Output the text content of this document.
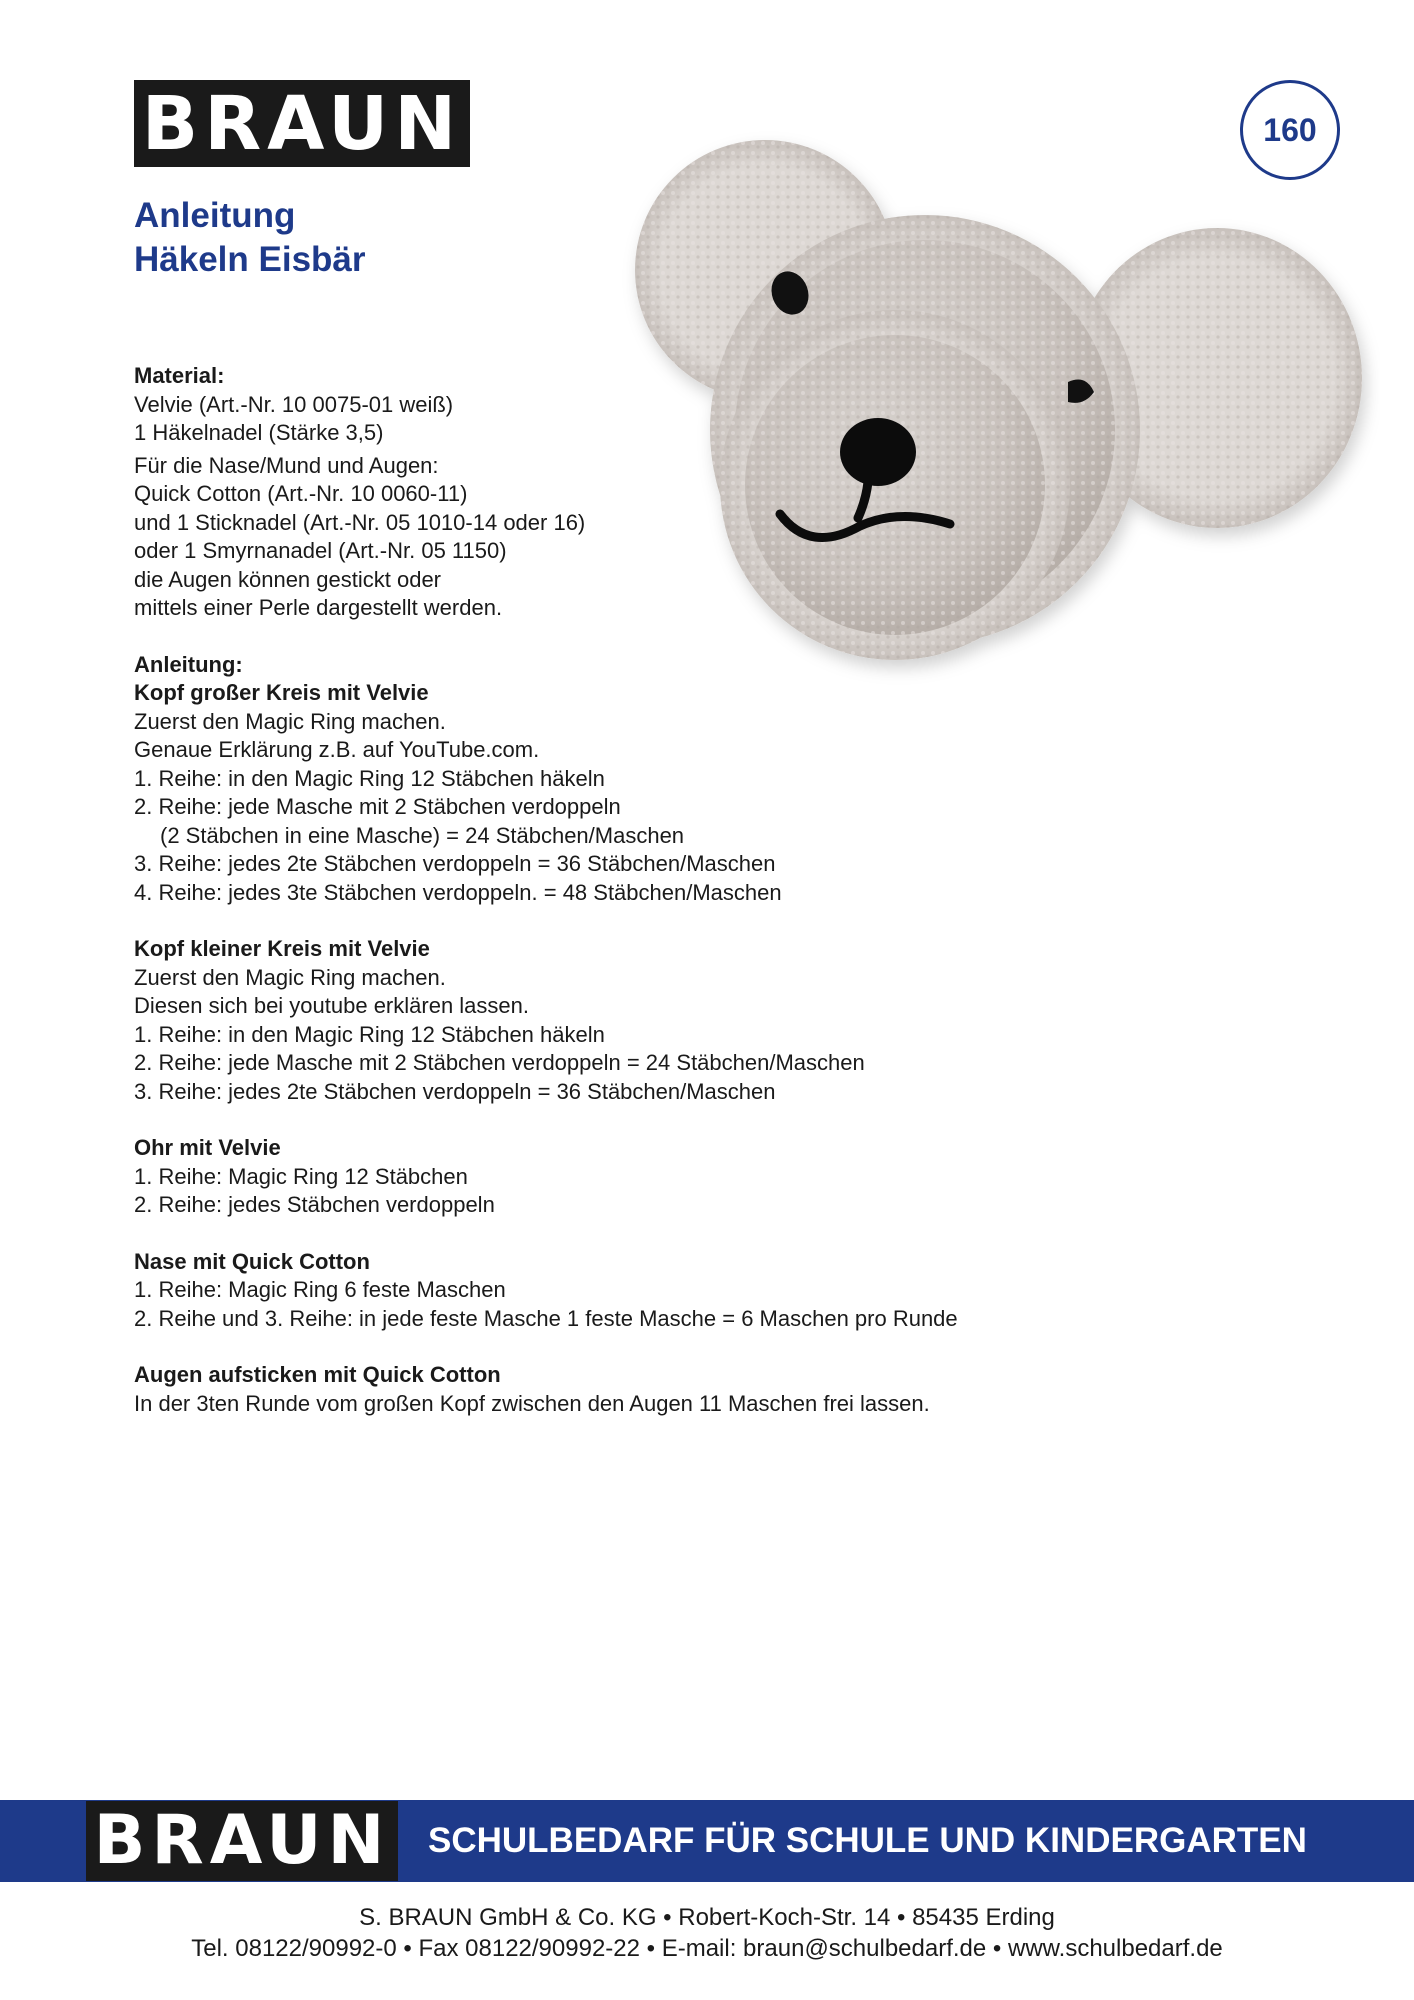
BRAUN	160
Anleitung
Häkeln Eisbär
Material:
Velvie (Art.-Nr. 10 0075-01 weiß)
1 Häkelnadel (Stärke 3,5)
Für die Nase/Mund und Augen:
Quick Cotton (Art.-Nr. 10 0060-11)
und 1 Sticknadel (Art.-Nr. 05 1010-14 oder 16)
oder 1 Smyrnanadel (Art.-Nr. 05 1150)
die Augen können gestickt oder
mittels einer Perle dargestellt werden.
Anleitung:
Kopf großer Kreis mit Velvie
Zuerst den Magic Ring machen.
Genaue Erklärung z.B. auf YouTube.com.
1. Reihe: in den Magic Ring 12 Stäbchen häkeln
2. Reihe: jede Masche mit 2 Stäbchen verdoppeln
(2 Stäbchen in eine Masche) = 24 Stäbchen/Maschen
3. Reihe: jedes 2te Stäbchen verdoppeln = 36 Stäbchen/Maschen
4. Reihe: jedes 3te Stäbchen verdoppeln. = 48 Stäbchen/Maschen
Kopf kleiner Kreis mit Velvie
Zuerst den Magic Ring machen.
Diesen sich bei youtube erklären lassen.
1. Reihe: in den Magic Ring 12 Stäbchen häkeln
2. Reihe: jede Masche mit 2 Stäbchen verdoppeln = 24 Stäbchen/Maschen
3. Reihe: jedes 2te Stäbchen verdoppeln = 36 Stäbchen/Maschen
Ohr mit Velvie
1. Reihe: Magic Ring 12 Stäbchen
2. Reihe: jedes Stäbchen verdoppeln
Nase mit Quick Cotton
1. Reihe: Magic Ring 6 feste Maschen
2. Reihe und 3. Reihe: in jede feste Masche 1 feste Masche = 6 Maschen pro Runde
Augen aufsticken mit Quick Cotton
In der 3ten Runde vom großen Kopf zwischen den Augen 11 Maschen frei lassen.
BRAUN SCHULBEDARF FÜR SCHULE UND KINDERGARTEN
S. BRAUN GmbH & Co. KG • Robert-Koch-Str. 14 • 85435 Erding
Tel. 08122/90992-0 • Fax 08122/90992-22 • E-mail: braun@schulbedarf.de • www.schulbedarf.de
